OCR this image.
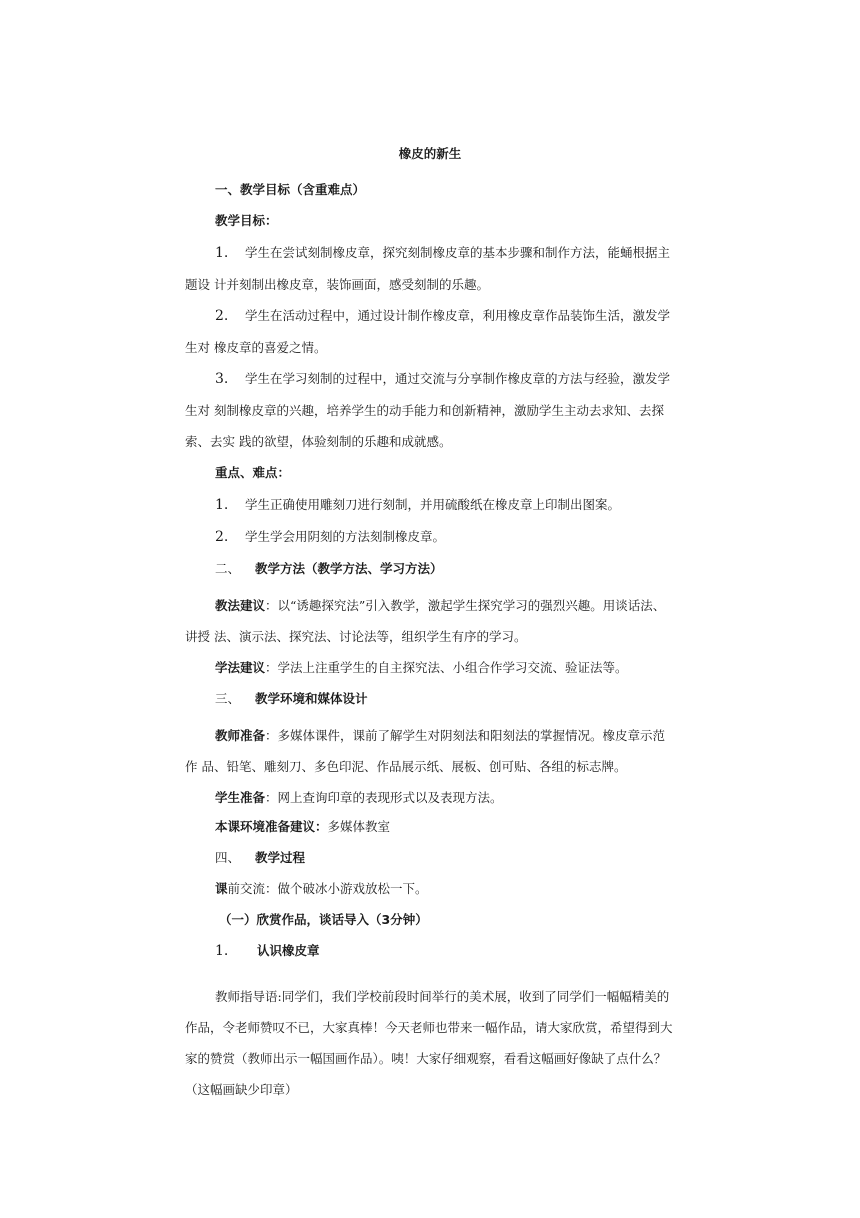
橡皮的新生

一、教学目标（含重难点）

教学目标：

1. 学生在尝试刻制橡皮章，探究刻制橡皮章的基本步骤和制作方法，能蛹根据主题设 计并刻制出橡皮章，装饰画面，感受刻制的乐趣。

2. 学生在活动过程中，通过设计制作橡皮章，利用橡皮章作品装饰生活，激发学生对 橡皮章的喜爱之情。

3. 学生在学习刻制的过程中，通过交流与分享制作橡皮章的方法与经验，激发学生对 刻制橡皮章的兴趣，培养学生的动手能力和创新精神，激励学生主动去求知、去探索、去实 践的欲望，体验刻制的乐趣和成就感。

重点、难点：

1. 学生正确使用雕刻刀进行刻制，并用硫酸纸在橡皮章上印制出图案。

2. 学生学会用阴刻的方法刻制橡皮章。

二、 教学方法（教学方法、学习方法）

教法建议：以“诱趣探究法”引入教学，激起学生探究学习的强烈兴趣。用谈话法、讲授 法、演示法、探究法、讨论法等，组织学生有序的学习。

学法建议：学法上注重学生的自主探究法、小组合作学习交流、验证法等。

三、 教学环境和媒体设计

教师准备：多媒体课件，课前了解学生对阴刻法和阳刻法的掌握情况。橡皮章示范作 品、铅笔、雕刻刀、多色印泥、作品展示纸、展板、创可贴、各组的标志牌。

学生准备：网上查询印章的表现形式以及表现方法。

本课环境准备建议：多媒体教室

四、 教学过程

课前交流：做个破冰小游戏放松一下。

（一）欣赏作品，谈话导入（3分钟）

1. 认识橡皮章

教师指导语:同学们，我们学校前段时间举行的美术展，收到了同学们一幅幅精美的 作品，令老师赞叹不已，大家真棒！今天老师也带来一幅作品，请大家欣赏，希望得到大 家的赞赏（教师出示一幅国画作品）。咦！大家仔细观察，看看这幅画好像缺了点什么？ （这幅画缺少印章）
